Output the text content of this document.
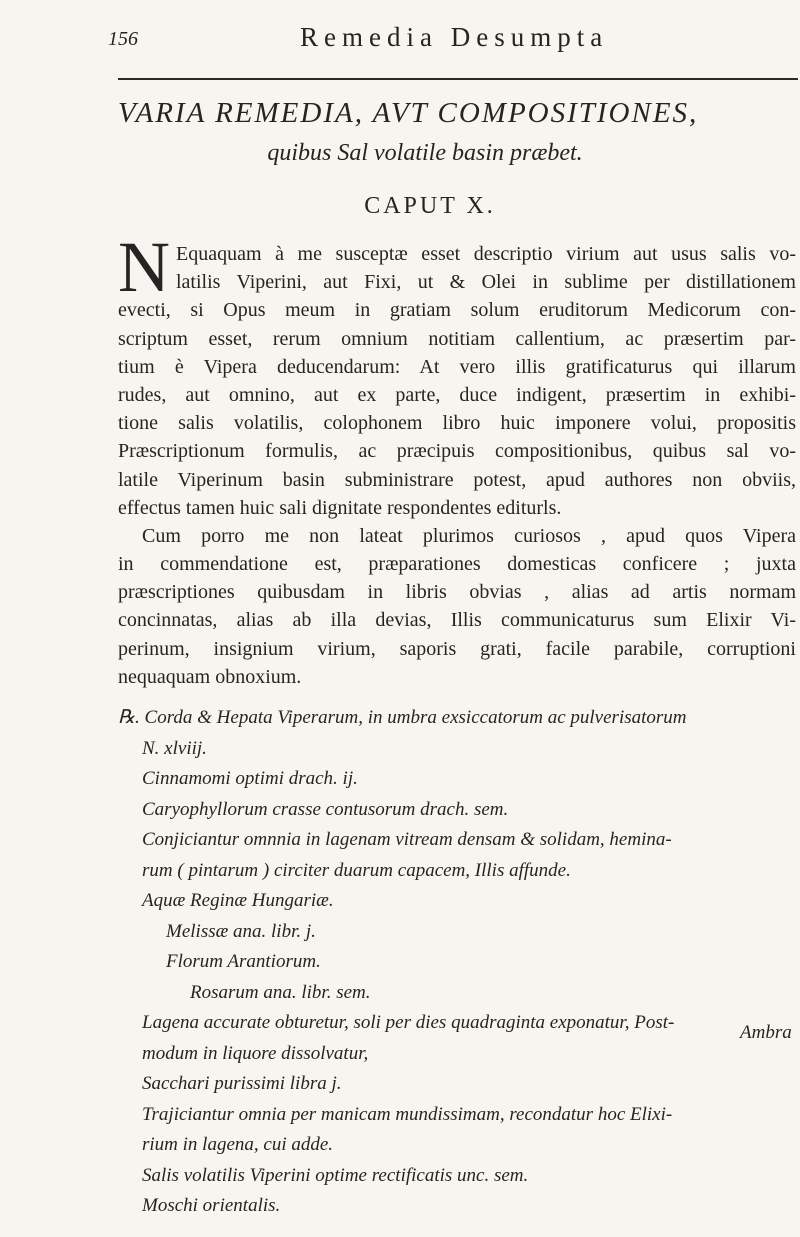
156	Remedia Desumpta
VARIA REMEDIA, AVT COMPOSITIONES,
quibus Sal volatile basin præbet.
CAPUT X.
N Equaquam à me susceptæ esset descriptio virium aut usus salis vo-
latilis Viperini, aut Fixi, ut & Olei in sublime per distillationem
evecti, si Opus meum in gratiam solum eruditorum Medicorum con-
scriptum esset, rerum omnium notitiam callentium, ac præsertim par-
tium è Vipera deducendarum: At vero illis gratificaturus qui illarum
rudes, aut omnino, aut ex parte, duce indigent, præsertim in exhibi-
tione salis volatilis, colophonem libro huic imponere volui, propositis
Præscriptionum formulis, ac præcipuis compositionibus, quibus sal vo-
latile Viperinum basin subministrare potest, apud authores non obviis,
effectus tamen huic sali dignitate respondentes editurls.
Cum porro me non lateat plurimos curiosos , apud quos Vipera
in commendatione est, præparationes domesticas conficere ; juxta
præscriptiones quibusdam in libris obvias , alias ad artis normam
concinnatas, alias ab illa devias, Illis communicaturus sum Elixir Vi-
perinum, insignium virium, saporis grati, facile parabile, corruptioni
nequaquam obnoxium.
℞. Corda & Hepata Viperarum, in umbra exsiccatorum ac pulverisatorum
N. xlviij.
Cinnamomi optimi drach. ij.
Caryophyllorum crasse contusorum drach. sem.
Conjiciantur omnnia in lagenam vitream densam & solidam, hemina-
rum ( pintarum ) circiter duarum capacem, Illis affunde.
Aquæ Reginæ Hungariæ.
Melissæ ana. libr. j.
Florum Arantiorum.
Rosarum ana. libr. sem.
Lagena accurate obturetur, soli per dies quadraginta exponatur, Post-
modum in liquore dissolvatur,
Sacchari purissimi libra j.
Trajiciantur omnia per manicam mundissimam, recondatur hoc Elixi-
rium in lagena, cui adde.
Salis volatilis Viperini optime rectificatis unc. sem.
Moschi orientalis.
Ambra
